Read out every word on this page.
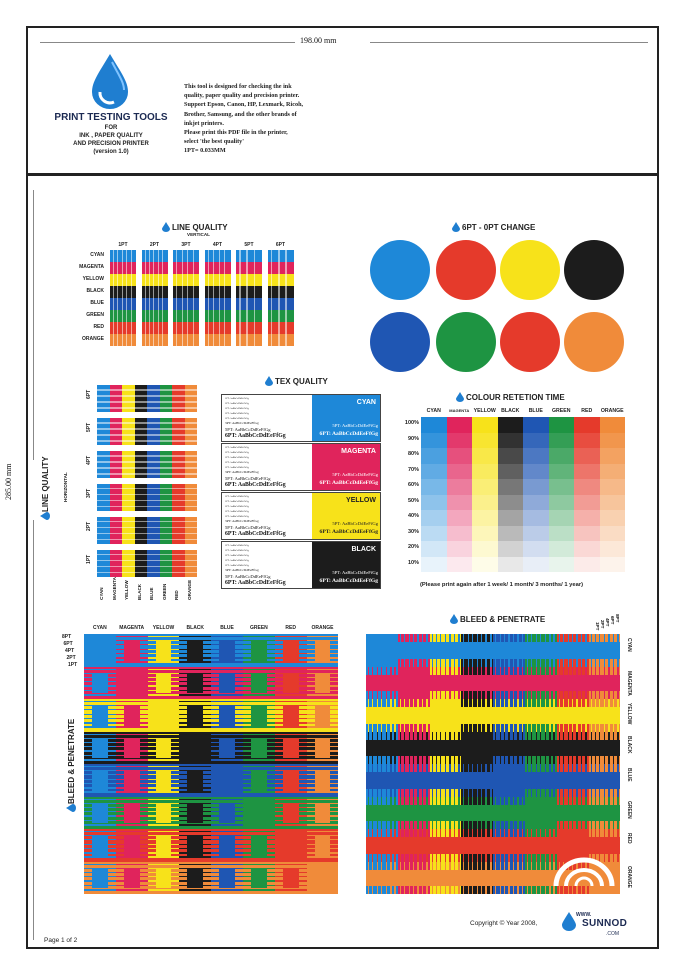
198.00 mm
285.00 mm
PRINT TESTING TOOLS
FOR
INK , PAPER QUALITY
AND PRECISION PRINTER
(version 1.0)
This tool is designed for checking the ink
quality, paper quality and precision printer.
Support Epson, Canon, HP, Lexmark, Ricoh,
Brother, Samsung, and the other brands of
inkjet printers.
Please print this PDF file in the printer,
select 'the best quality'
1PT= 0.033MM
LINE QUALITY
VERTICAL
1PT	2PT	3PT	4PT	5PT	6PT
CYAN
MAGENTA
YELLOW
BLACK
BLUE
GREEN
RED
ORANGE
6PT - 0PT CHANGE
6PT
5PT
4PT
3PT
2PT
1PT
CYAN MAGENTA YELLOW BLACK BLUE GREEN RED ORANGE
LINE QUALITY	HORIZONTAL
TEX QUALITY
CYAN
1PT: AaBbCcDdEeFfGg
1PT: AaBbCcDdEeFfGg
1PT: AaBbCcDdEeFfGg
1PT: AaBbCcDdEeFfGg
1PT: AaBbCcDdEeFfGg
3PT: AaBbCcDdEeFfGg
5PT: AaBbCcDdEeFfGg
6PT: AaBbCcDdEeFfGg
5PT: AaBbCcDdEeFfGg
6PT: AaBbCcDdEeFfGg
MAGENTA
1PT: AaBbCcDdEeFfGg
1PT: AaBbCcDdEeFfGg
1PT: AaBbCcDdEeFfGg
1PT: AaBbCcDdEeFfGg
1PT: AaBbCcDdEeFfGg
3PT: AaBbCcDdEeFfGg
5PT: AaBbCcDdEeFfGg
6PT: AaBbCcDdEeFfGg
5PT: AaBbCcDdEeFfGg
6PT: AaBbCcDdEeFfGg
YELLOW
1PT: AaBbCcDdEeFfGg
1PT: AaBbCcDdEeFfGg
1PT: AaBbCcDdEeFfGg
1PT: AaBbCcDdEeFfGg
1PT: AaBbCcDdEeFfGg
3PT: AaBbCcDdEeFfGg
5PT: AaBbCcDdEeFfGg
6PT: AaBbCcDdEeFfGg
5PT: AaBbCcDdEeFfGg
6PT: AaBbCcDdEeFfGg
BLACK
1PT: AaBbCcDdEeFfGg
1PT: AaBbCcDdEeFfGg
1PT: AaBbCcDdEeFfGg
1PT: AaBbCcDdEeFfGg
1PT: AaBbCcDdEeFfGg
3PT: AaBbCcDdEeFfGg
5PT: AaBbCcDdEeFfGg
6PT: AaBbCcDdEeFfGg
5PT: AaBbCcDdEeFfGg
6PT: AaBbCcDdEeFfGg
COLOUR RETETION TIME
CYAN	MAGENTA YELLOW	BLACK	BLUE	GREEN	RED	ORANGE
100%
90%
80%
70%
60%
50%
40%
30%
20%
10%
(Please print again after 1 week/ 1 month/ 3 months/ 1 year)
CYAN	MAGENTA	YELLOW	BLACK	BLUE	GREEN	RED	ORANGE
8PT
6PT
4PT
2PT
1PT
BLEED & PENETRATE
BLEED & PENETRATE	8PT
6PT
4PT
2PT
1PT
CYAN
MAGENTA
YELLOW
BLACK
BLUE
GREEN
RED
ORANGE
Copyright © Year 2008,
WWW.
SUNNOD
.COM
Page 1 of 2
